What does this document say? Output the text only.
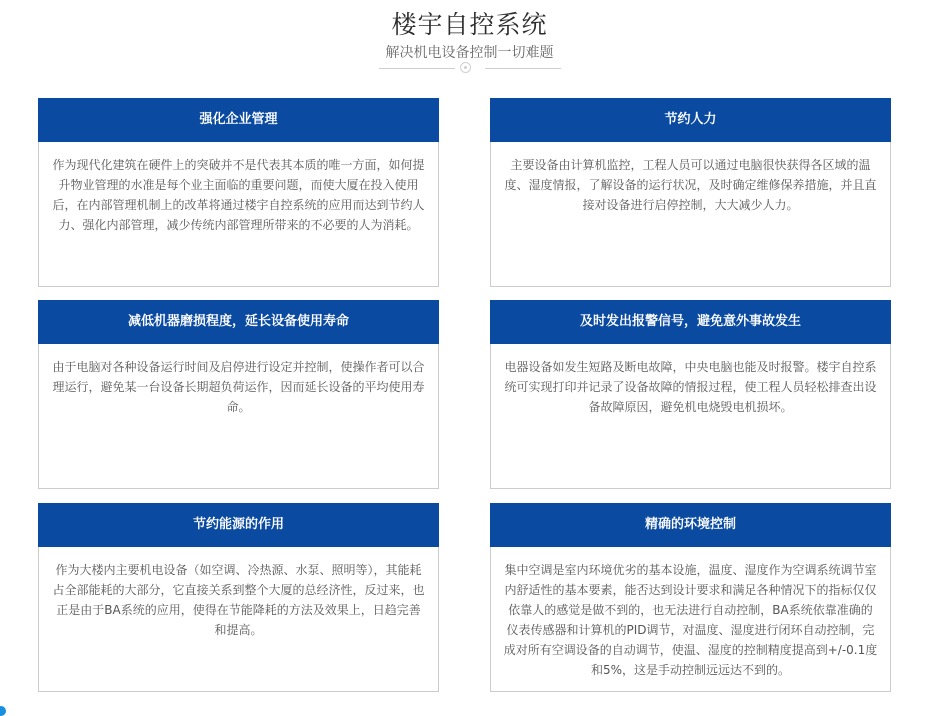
楼宇自控系统
解决机电设备控制一切难题
强化企业管理
作为现代化建筑在硬件上的突破并不是代表其本质的唯一方面，如何提升物业管理的水准是每个业主面临的重要问题，而使大厦在投入使用后，在内部管理机制上的改革将通过楼宇自控系统的应用而达到节约人力、强化内部管理，减少传统内部管理所带来的不必要的人为消耗。
节约人力
主要设备由计算机监控，工程人员可以通过电脑很快获得各区域的温度、湿度情报，了解设备的运行状况，及时确定维修保养措施，并且直接对设备进行启停控制，大大减少人力。
减低机器磨损程度，延长设备使用寿命
由于电脑对各种设备运行时间及启停进行设定并控制，使操作者可以合理运行，避免某一台设备长期超负荷运作，因而延长设备的平均使用寿命。
及时发出报警信号，避免意外事故发生
电器设备如发生短路及断电故障，中央电脑也能及时报警。楼宇自控系统可实现打印并记录了设备故障的情报过程，使工程人员轻松排查出设备故障原因，避免机电烧毁电机损坏。
节约能源的作用
作为大楼内主要机电设备（如空调、冷热源、水泵、照明等），其能耗占全部能耗的大部分，它直接关系到整个大厦的总经济性，反过来，也正是由于BA系统的应用，使得在节能降耗的方法及效果上，日趋完善和提高。
精确的环境控制
集中空调是室内环境优劣的基本设施，温度、湿度作为空调系统调节室内舒适性的基本要素，能否达到设计要求和满足各种情况下的指标仅仅依靠人的感觉是做不到的，也无法进行自动控制，BA系统依靠准确的仪表传感器和计算机的PID调节，对温度、湿度进行闭环自动控制，完成对所有空调设备的自动调节，使温、湿度的控制精度提高到+/-0.1度和5%，这是手动控制远远达不到的。
